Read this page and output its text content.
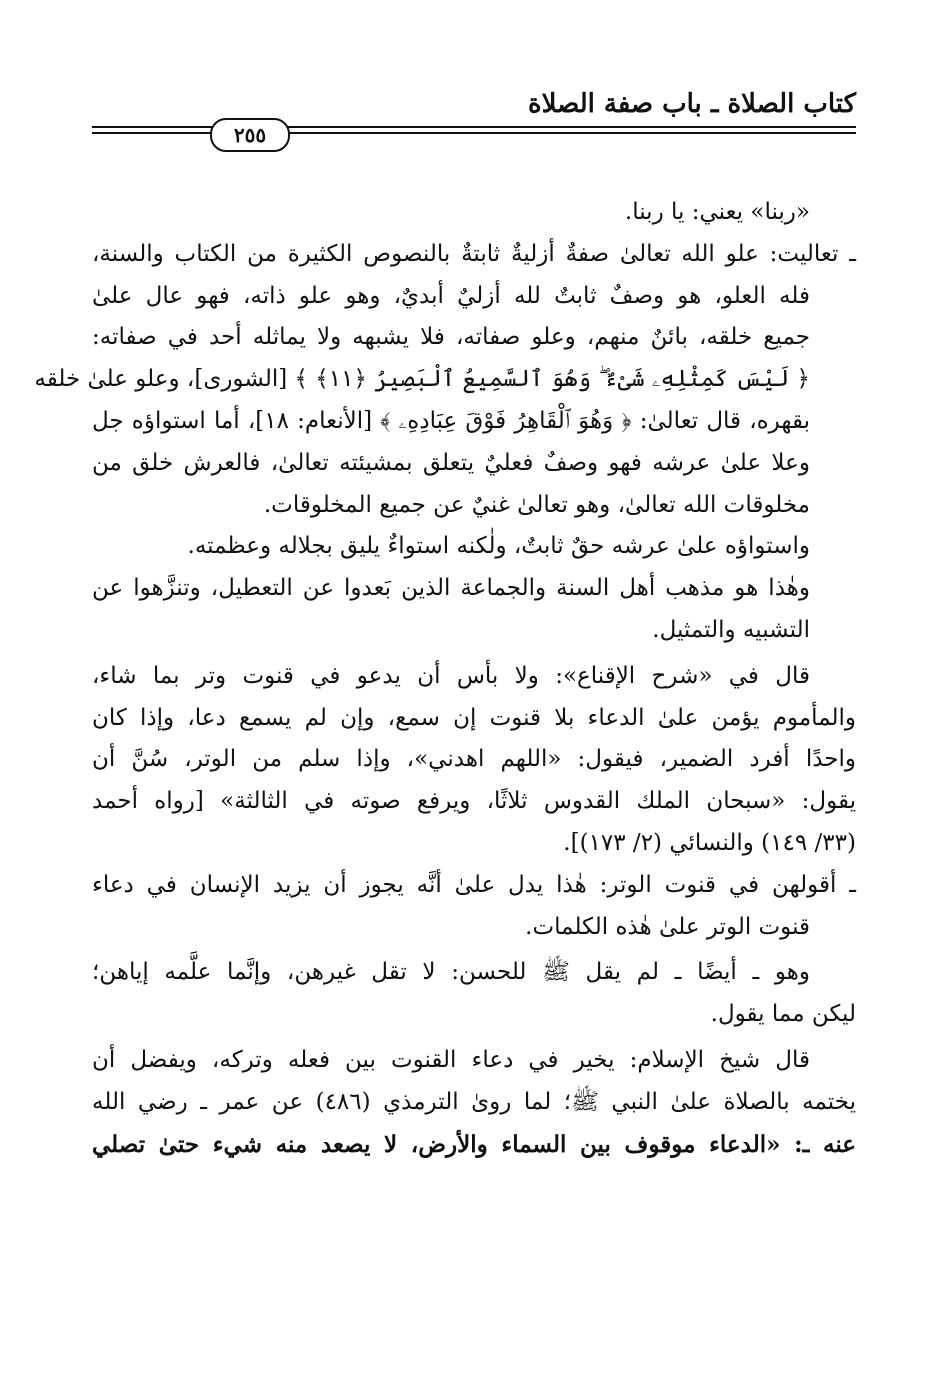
كتاب الصلاة ـ باب صفة الصلاة
٢٥٥
«ربنا» يعني: يا ربنا.
ـ تعاليت: علو الله تعالىٰ صفةٌ أزليةٌ ثابتةٌ بالنصوص الكثيرة من الكتاب والسنة،
فله العلو، هو وصفٌ ثابتٌ لله أزليٌ أبديٌ، وهو علو ذاته، فهو عال علىٰ
جميع خلقه، بائنٌ منهم، وعلو صفاته، فلا يشبهه ولا يماثله أحد في صفاته:
﴿ لَيْسَ كَمِثْلِهِۦ شَىْءٌ ۖ وَهُوَ ٱلسَّمِيعُ ٱلْبَصِيرُ ﴿١١﴾ ﴾ [الشورى]، وعلو علىٰ خلقه
بقهره، قال تعالىٰ: ﴿ وَهُوَ ٱلْقَاهِرُ فَوْقَ عِبَادِهِۦ ﴾ [الأنعام: ١٨]، أما استواؤه جل
وعلا علىٰ عرشه فهو وصفٌ فعليٌ يتعلق بمشيئته تعالىٰ، فالعرش خلق من
مخلوقات الله تعالىٰ، وهو تعالىٰ غنيٌ عن جميع المخلوقات.
واستواؤه علىٰ عرشه حقٌ ثابتٌ، ولٰكنه استواءٌ يليق بجلاله وعظمته.
وهٰذا هو مذهب أهل السنة والجماعة الذين بَعدوا عن التعطيل، وتنزَّهوا عن
التشبيه والتمثيل.
قال في «شرح الإقناع»: ولا بأس أن يدعو في قنوت وتر بما شاء،
والمأموم يؤمن علىٰ الدعاء بلا قنوت إن سمع، وإن لم يسمع دعا، وإذا كان
واحدًا أفرد الضمير، فيقول: «اللهم اهدني»، وإذا سلم من الوتر، سُنَّ أن
يقول: «سبحان الملك القدوس ثلاثًا، ويرفع صوته في الثالثة» [رواه أحمد
(٣٣/ ١٤٩) والنسائي (٢/ ١٧٣)].
ـ أقولهن في قنوت الوتر: هٰذا يدل علىٰ أنَّه يجوز أن يزيد الإنسان في دعاء
قنوت الوتر علىٰ هٰذه الكلمات.
وهو ـ أيضًا ـ لم يقل ﷺ للحسن: لا تقل غيرهن، وإنَّما علَّمه إياهن؛
ليكن مما يقول.
قال شيخ الإسلام: يخير في دعاء القنوت بين فعله وتركه، ويفضل أن
يختمه بالصلاة علىٰ النبي ﷺ؛ لما روىٰ الترمذي (٤٨٦) عن عمر ـ رضي الله
عنه ـ: «الدعاء موقوف بين السماء والأرض، لا يصعد منه شيء حتىٰ تصلي
